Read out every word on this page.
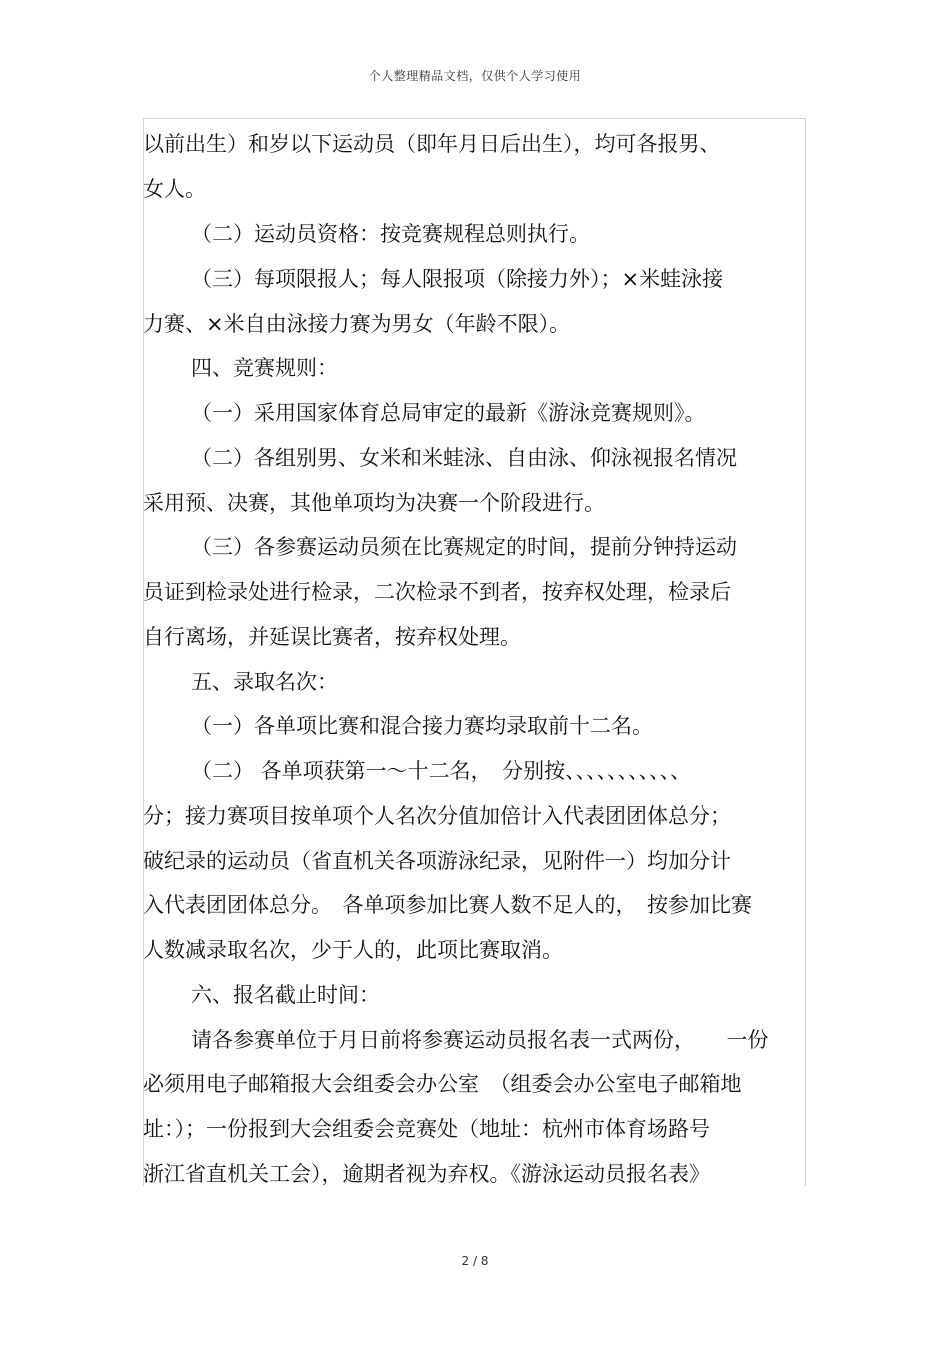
个人整理精品文档，仅供个人学习使用
以前出生）和岁以下运动员（即年月日后出生），均可各报男、
女人。
（二）运动员资格：按竞赛规程总则执行。
（三）每项限报人；每人限报项（除接力外）；×米蛙泳接
力赛、×米自由泳接力赛为男女（年龄不限）。
四、竞赛规则：
（一）采用国家体育总局审定的最新《游泳竞赛规则》。
（二）各组别男、女米和米蛙泳、自由泳、仰泳视报名情况
采用预、决赛，其他单项均为决赛一个阶段进行。
（三）各参赛运动员须在比赛规定的时间，提前分钟持运动
员证到检录处进行检录，二次检录不到者，按弃权处理，检录后
自行离场，并延误比赛者，按弃权处理。
五、录取名次：
（一）各单项比赛和混合接力赛均录取前十二名。
（二） 各单项获第一～十二名，　分别按、、、、、、、、、、、
分；接力赛项目按单项个人名次分值加倍计入代表团团体总分；
破纪录的运动员（省直机关各项游泳纪录，见附件一）均加分计
入代表团团体总分。　各单项参加比赛人数不足人的，　按参加比赛
人数减录取名次，少于人的，此项比赛取消。
六、报名截止时间：
请各参赛单位于月日前将参赛运动员报名表一式两份，　　一份
必须用电子邮箱报大会组委会办公室　（组委会办公室电子邮箱地
址：）；一份报到大会组委会竞赛处（地址：杭州市体育场路号
浙江省直机关工会），逾期者视为弃权。《游泳运动员报名表》
2 / 8
